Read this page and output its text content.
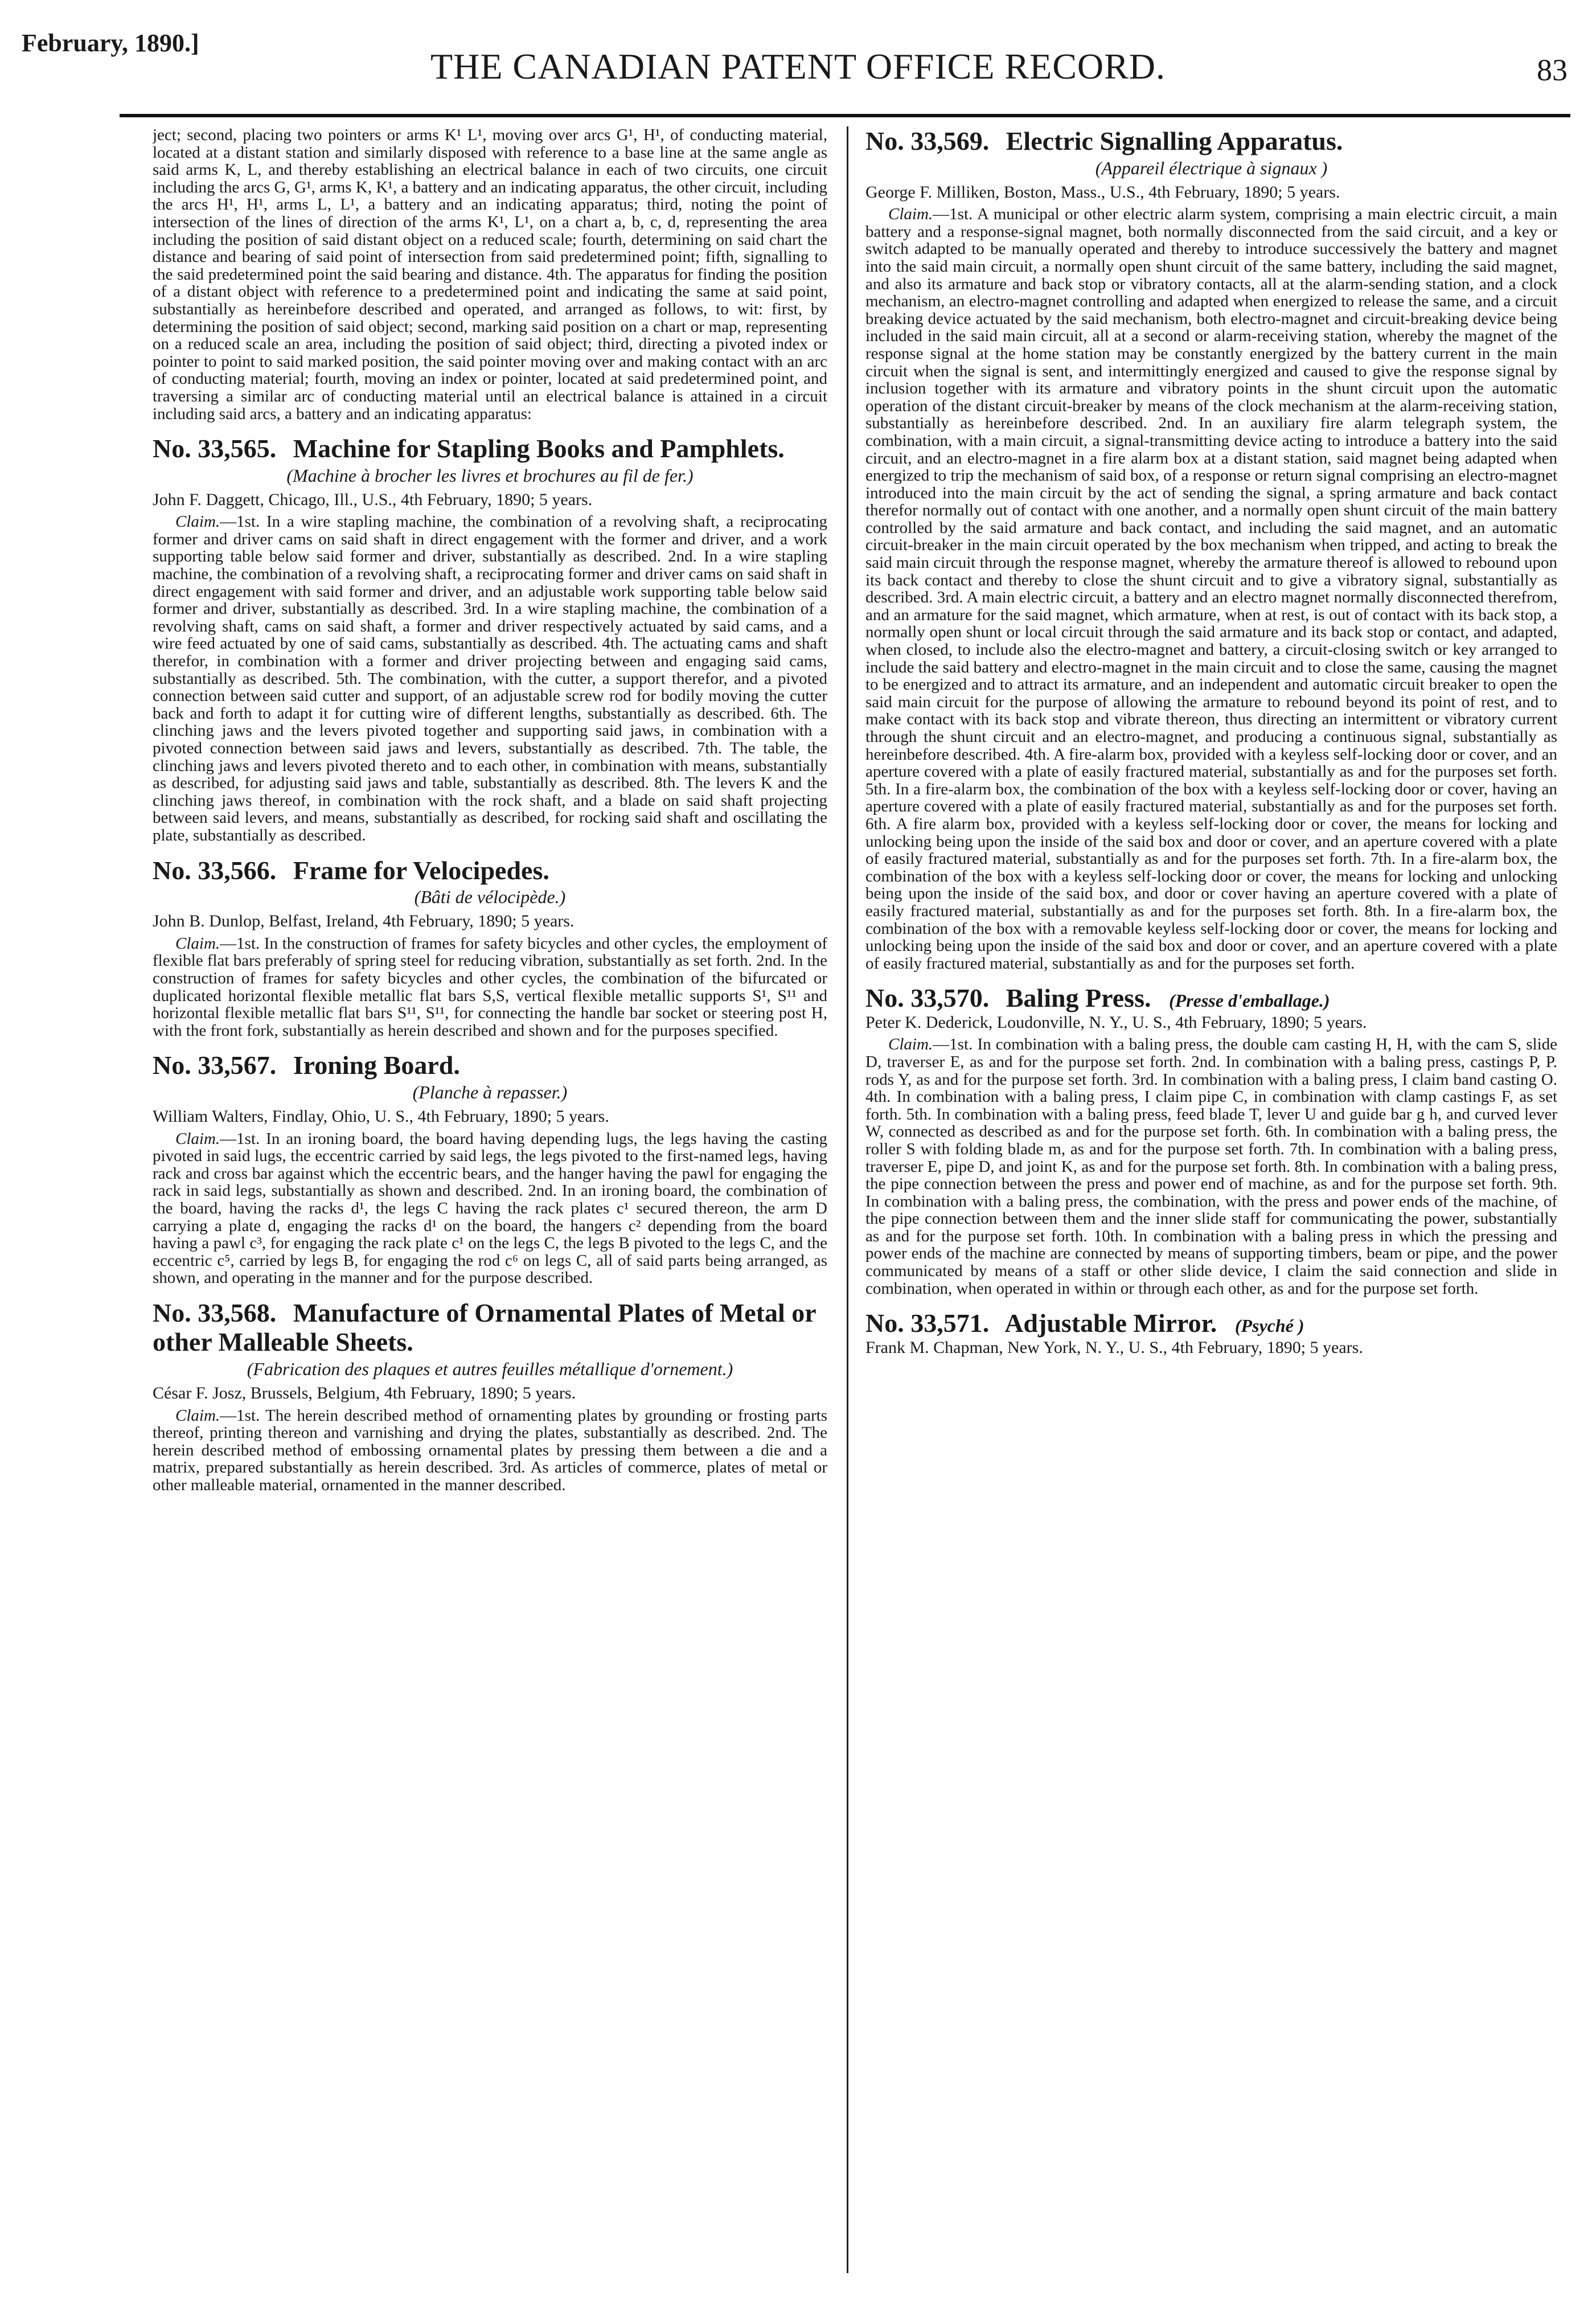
February, 1890.]
THE CANADIAN PATENT OFFICE RECORD.	83

ject; second, placing two pointers or arms K¹ L¹, moving over arcs G¹, H¹, of conducting material, located at a distant station and similarly disposed with reference to a base line at the same angle as said arms K, L, and thereby establishing an electrical balance in each of two circuits, one circuit including the arcs G, G¹, arms K, K¹, a battery and an indicating apparatus, the other circuit, including the arcs H¹, H¹, arms L, L¹, a battery and an indicating apparatus; third, noting the point of intersection of the lines of direction of the arms K¹, L¹, on a chart a, b, c, d, representing the area including the position of said distant object on a reduced scale; fourth, determining on said chart the distance and bearing of said point of intersection from said predetermined point; fifth, signalling to the said predetermined point the said bearing and distance. 4th. The apparatus for finding the position of a distant object with reference to a predetermined point and indicating the same at said point, substantially as hereinbefore described and operated, and arranged as follows, to wit: first, by determining the position of said object; second, marking said position on a chart or map, representing on a reduced scale an area, including the position of said object; third, directing a pivoted index or pointer to point to said marked position, the said pointer moving over and making contact with an arc of conducting material; fourth, moving an index or pointer, located at said predetermined point, and traversing a similar arc of conducting material until an electrical balance is attained in a circuit including said arcs, a battery and an indicating apparatus:

No. 33,565. Machine for Stapling Books and Pamphlets.
(Machine à brocher les livres et brochures au fil de fer.)
John F. Daggett, Chicago, Ill., U.S., 4th February, 1890; 5 years.

Claim.—1st. In a wire stapling machine, the combination of a revolving shaft, a reciprocating former and driver cams on said shaft in direct engagement with the former and driver, and a work supporting table below said former and driver, substantially as described. 2nd. In a wire stapling machine, the combination of a revolving shaft, a reciprocating former and driver cams on said shaft in direct engagement with said former and driver, and an adjustable work supporting table below said former and driver, substantially as described. 3rd. In a wire stapling machine, the combination of a revolving shaft, cams on said shaft, a former and driver respectively actuated by said cams, and a wire feed actuated by one of said cams, substantially as described. 4th. The actuating cams and shaft therefor, in combination with a former and driver projecting between and engaging said cams, substantially as described. 5th. The combination, with the cutter, a support therefor, and a pivoted connection between said cutter and support, of an adjustable screw rod for bodily moving the cutter back and forth to adapt it for cutting wire of different lengths, substantially as described. 6th. The clinching jaws and the levers pivoted together and supporting said jaws, in combination with a pivoted connection between said jaws and levers, substantially as described. 7th. The table, the clinching jaws and levers pivoted thereto and to each other, in combination with means, substantially as described, for adjusting said jaws and table, substantially as described. 8th. The levers K and the clinching jaws thereof, in combination with the rock shaft, and a blade on said shaft projecting between said levers, and means, substantially as described, for rocking said shaft and oscillating the plate, substantially as described.

No. 33,566. Frame for Velocipedes.
(Bâti de vélocipède.)
John B. Dunlop, Belfast, Ireland, 4th February, 1890; 5 years.

Claim.—1st. In the construction of frames for safety bicycles and other cycles, the employment of flexible flat bars preferably of spring steel for reducing vibration, substantially as set forth. 2nd. In the construction of frames for safety bicycles and other cycles, the combination of the bifurcated or duplicated horizontal flexible metallic flat bars S,S, vertical flexible metallic supports S¹, S¹¹ and horizontal flexible metallic flat bars S¹¹, S¹¹, for connecting the handle bar socket or steering post H, with the front fork, substantially as herein described and shown and for the purposes specified.

No. 33,567. Ironing Board.
(Planche à repasser.)
William Walters, Findlay, Ohio, U. S., 4th February, 1890; 5 years.

Claim.—1st. In an ironing board, the board having depending lugs, the legs having the casting pivoted in said lugs, the eccentric carried by said legs, the legs pivoted to the first-named legs, having rack and cross bar against which the eccentric bears, and the hanger having the pawl for engaging the rack in said legs, substantially as shown and described. 2nd. In an ironing board, the combination of the board, having the racks d¹, the legs C having the rack plates c¹ secured thereon, the arm D carrying a plate d, engaging the racks d¹ on the board, the hangers c² depending from the board having a pawl c³, for engaging the rack plate c¹ on the legs C, the legs B pivoted to the legs C, and the eccentric c⁵, carried by legs B, for engaging the rod c⁶ on legs C, all of said parts being arranged, as shown, and operating in the manner and for the purpose described.

No. 33,568. Manufacture of Ornamental Plates of Metal or other Malleable Sheets.
(Fabrication des plaques et autres feuilles métallique d'ornement.)
César F. Josz, Brussels, Belgium, 4th February, 1890; 5 years.

Claim.—1st. The herein described method of ornamenting plates by grounding or frosting parts thereof, printing thereon and varnishing and drying the plates, substantially as described. 2nd. The herein described method of embossing ornamental plates by pressing them between a die and a matrix, prepared substantially as herein described. 3rd. As articles of commerce, plates of metal or other malleable material, ornamented in the manner described.

No. 33,569. Electric Signalling Apparatus.
(Appareil électrique à signaux )
George F. Milliken, Boston, Mass., U.S., 4th February, 1890; 5 years.

Claim.—1st. A municipal or other electric alarm system, comprising a main electric circuit, a main battery and a response-signal magnet, both normally disconnected from the said circuit, and a key or switch adapted to be manually operated and thereby to introduce successively the battery and magnet into the said main circuit, a normally open shunt circuit of the same battery, including the said magnet, and also its armature and back stop or vibratory contacts, all at the alarm-sending station, and a clock mechanism, an electro-magnet controlling and adapted when energized to release the same, and a circuit breaking device actuated by the said mechanism, both electro-magnet and circuit-breaking device being included in the said main circuit, all at a second or alarm-receiving station, whereby the magnet of the response signal at the home station may be constantly energized by the battery current in the main circuit when the signal is sent, and intermittingly energized and caused to give the response signal by inclusion together with its armature and vibratory points in the shunt circuit upon the automatic operation of the distant circuit-breaker by means of the clock mechanism at the alarm-receiving station, substantially as hereinbefore described. 2nd. In an auxiliary fire alarm telegraph system, the combination, with a main circuit, a signal-transmitting device acting to introduce a battery into the said circuit, and an electro-magnet in a fire alarm box at a distant station, said magnet being adapted when energized to trip the mechanism of said box, of a response or return signal comprising an electro-magnet introduced into the main circuit by the act of sending the signal, a spring armature and back contact therefor normally out of contact with one another, and a normally open shunt circuit of the main battery controlled by the said armature and back contact, and including the said magnet, and an automatic circuit-breaker in the main circuit operated by the box mechanism when tripped, and acting to break the said main circuit through the response magnet, whereby the armature thereof is allowed to rebound upon its back contact and thereby to close the shunt circuit and to give a vibratory signal, substantially as described. 3rd. A main electric circuit, a battery and an electro magnet normally disconnected therefrom, and an armature for the said magnet, which armature, when at rest, is out of contact with its back stop, a normally open shunt or local circuit through the said armature and its back stop or contact, and adapted, when closed, to include also the electro-magnet and battery, a circuit-closing switch or key arranged to include the said battery and electro-magnet in the main circuit and to close the same, causing the magnet to be energized and to attract its armature, and an independent and automatic circuit breaker to open the said main circuit for the purpose of allowing the armature to rebound beyond its point of rest, and to make contact with its back stop and vibrate thereon, thus directing an intermittent or vibratory current through the shunt circuit and an electro-magnet, and producing a continuous signal, substantially as hereinbefore described. 4th. A fire-alarm box, provided with a keyless self-locking door or cover, and an aperture covered with a plate of easily fractured material, substantially as and for the purposes set forth. 5th. In a fire-alarm box, the combination of the box with a keyless self-locking door or cover, having an aperture covered with a plate of easily fractured material, substantially as and for the purposes set forth. 6th. A fire alarm box, provided with a keyless self-locking door or cover, the means for locking and unlocking being upon the inside of the said box and door or cover, and an aperture covered with a plate of easily fractured material, substantially as and for the purposes set forth. 7th. In a fire-alarm box, the combination of the box with a keyless self-locking door or cover, the means for locking and unlocking being upon the inside of the said box, and door or cover having an aperture covered with a plate of easily fractured material, substantially as and for the purposes set forth. 8th. In a fire-alarm box, the combination of the box with a removable keyless self-locking door or cover, the means for locking and unlocking being upon the inside of the said box and door or cover, and an aperture covered with a plate of easily fractured material, substantially as and for the purposes set forth.

No. 33,570. Baling Press. (Presse d'emballage.)
Peter K. Dederick, Loudonville, N. Y., U. S., 4th February, 1890; 5 years.

Claim.—1st. In combination with a baling press, the double cam casting H, H, with the cam S, slide D, traverser E, as and for the purpose set forth. 2nd. In combination with a baling press, castings P, P. rods Y, as and for the purpose set forth. 3rd. In combination with a baling press, I claim band casting O. 4th. In combination with a baling press, I claim pipe C, in combination with clamp castings F, as set forth. 5th. In combination with a baling press, feed blade T, lever U and guide bar g h, and curved lever W, connected as described as and for the purpose set forth. 6th. In combination with a baling press, the roller S with folding blade m, as and for the purpose set forth. 7th. In combination with a baling press, traverser E, pipe D, and joint K, as and for the purpose set forth. 8th. In combination with a baling press, the pipe connection between the press and power end of machine, as and for the purpose set forth. 9th. In combination with a baling press, the combination, with the press and power ends of the machine, of the pipe connection between them and the inner slide staff for communicating the power, substantially as and for the purpose set forth. 10th. In combination with a baling press in which the pressing and power ends of the machine are connected by means of supporting timbers, beam or pipe, and the power communicated by means of a staff or other slide device, I claim the said connection and slide in combination, when operated in within or through each other, as and for the purpose set forth.

No. 33,571. Adjustable Mirror. (Psyché )
Frank M. Chapman, New York, N. Y., U. S., 4th February, 1890; 5 years.
